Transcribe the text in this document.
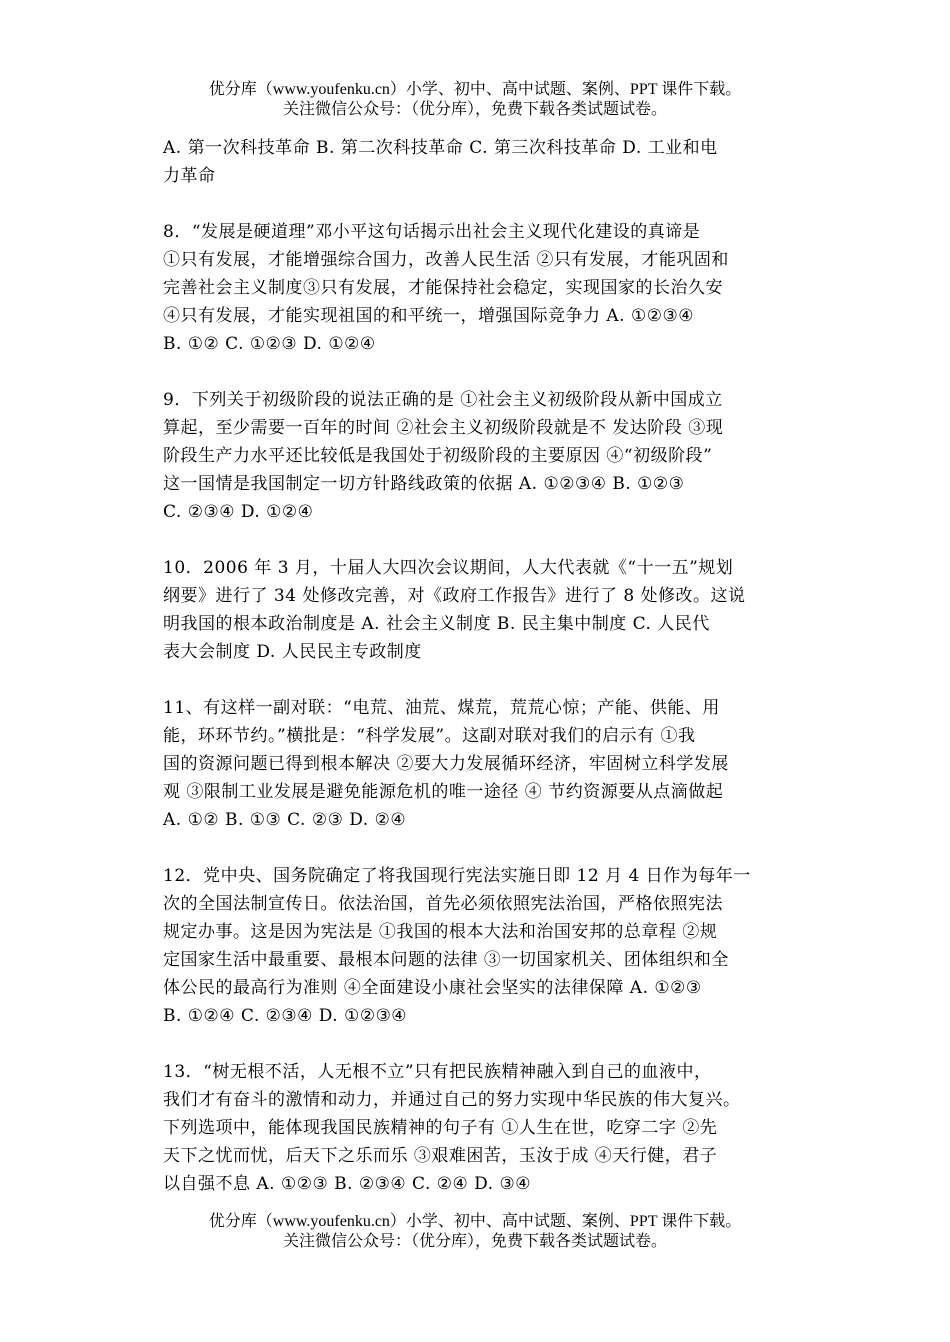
优分库（www.youfenku.cn）小学、初中、高中试题、案例、PPT 课件下载。
关注微信公众号：（优分库），免费下载各类试题试卷。
A. 第一次科技革命 B. 第二次科技革命 C. 第三次科技革命 D. 工业和电
力革命
8．“发展是硬道理”邓小平这句话揭示出社会主义现代化建设的真谛是
①只有发展，才能增强综合国力，改善人民生活 ②只有发展，才能巩固和
完善社会主义制度③只有发展，才能保持社会稳定，实现国家的长治久安
④只有发展，才能实现祖国的和平统一，增强国际竞争力 A. ①②③④
B. ①② C. ①②③ D. ①②④
9．下列关于初级阶段的说法正确的是 ①社会主义初级阶段从新中国成立
算起，至少需要一百年的时间 ②社会主义初级阶段就是不 发达阶段 ③现
阶段生产力水平还比较低是我国处于初级阶段的主要原因 ④“初级阶段”
这一国情是我国制定一切方针路线政策的依据 A. ①②③④ B. ①②③
C. ②③④ D. ①②④
10．2006 年 3 月，十届人大四次会议期间，人大代表就《“十一五”规划
纲要》进行了 34 处修改完善，对《政府工作报告》进行了 8 处修改。这说
明我国的根本政治制度是 A. 社会主义制度 B. 民主集中制度 C. 人民代
表大会制度 D. 人民民主专政制度
11、有这样一副对联：“电荒、油荒、煤荒，荒荒心惊；产能、供能、用
能，环环节约。”横批是：“科学发展”。这副对联对我们的启示有 ①我
国的资源问题已得到根本解决 ②要大力发展循环经济，牢固树立科学发展
观 ③限制工业发展是避免能源危机的唯一途径 ④ 节约资源要从点滴做起
A. ①② B. ①③ C. ②③ D. ②④
12．党中央、国务院确定了将我国现行宪法实施日即 12 月 4 日作为每年一
次的全国法制宣传日。依法治国，首先必须依照宪法治国，严格依照宪法
规定办事。这是因为宪法是 ①我国的根本大法和治国安邦的总章程 ②规
定国家生活中最重要、最根本问题的法律 ③一切国家机关、团体组织和全
体公民的最高行为准则 ④全面建设小康社会坚实的法律保障 A. ①②③
B. ①②④ C. ②③④ D. ①②③④
13．“树无根不活，人无根不立”只有把民族精神融入到自己的血液中，
我们才有奋斗的激情和动力，并通过自己的努力实现中华民族的伟大复兴。
下列选项中，能体现我国民族精神的句子有 ①人生在世，吃穿二字 ②先
天下之忧而忧，后天下之乐而乐 ③艰难困苦，玉汝于成 ④天行健，君子
以自强不息 A. ①②③ B. ②③④ C. ②④ D. ③④
优分库（www.youfenku.cn）小学、初中、高中试题、案例、PPT 课件下载。
关注微信公众号：（优分库），免费下载各类试题试卷。
